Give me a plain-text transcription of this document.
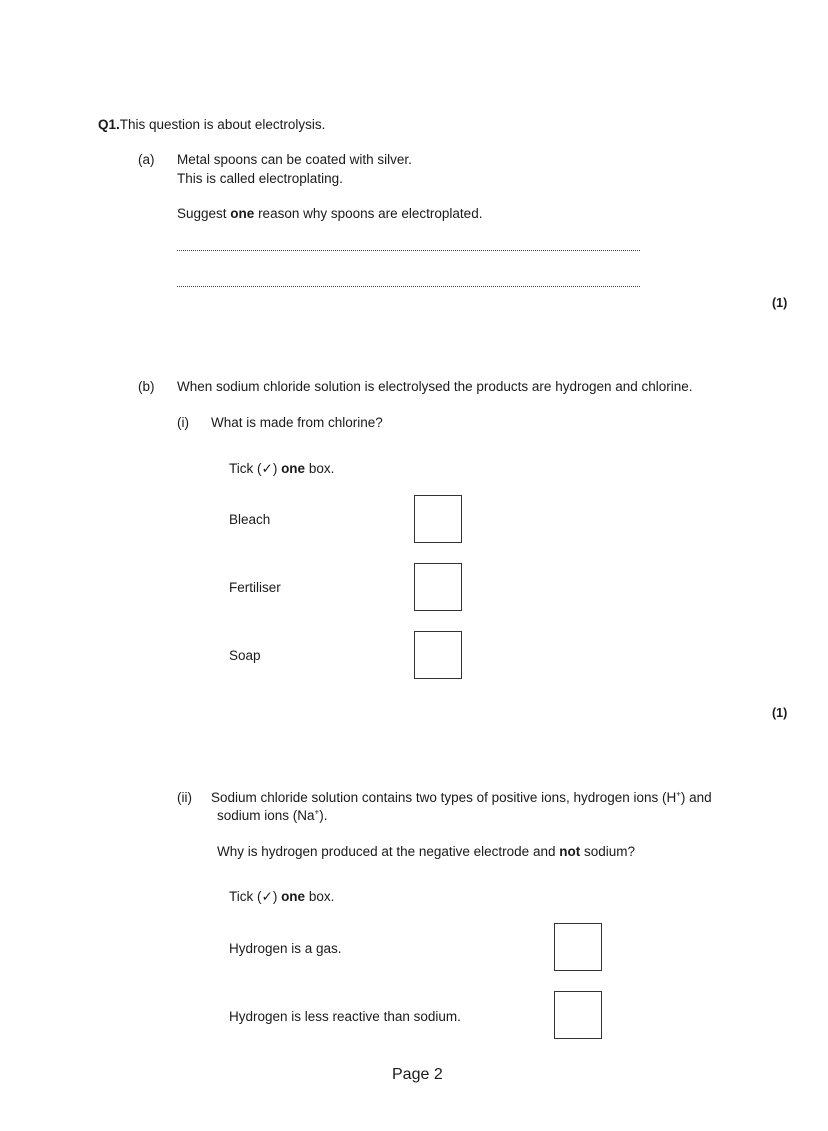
Q1.This question is about electrolysis.
(a) Metal spoons can be coated with silver.
This is called electroplating.
Suggest one reason why spoons are electroplated.
(1)
(b) When sodium chloride solution is electrolysed the products are hydrogen and chlorine.
(i) What is made from chlorine?
Tick (✓) one box.
Bleach
Fertiliser
Soap
(1)
(ii) Sodium chloride solution contains two types of positive ions, hydrogen ions (H+) and
sodium ions (Na+).
Why is hydrogen produced at the negative electrode and not sodium?
Tick (✓) one box.
Hydrogen is a gas.
Hydrogen is less reactive than sodium.
Page 2
